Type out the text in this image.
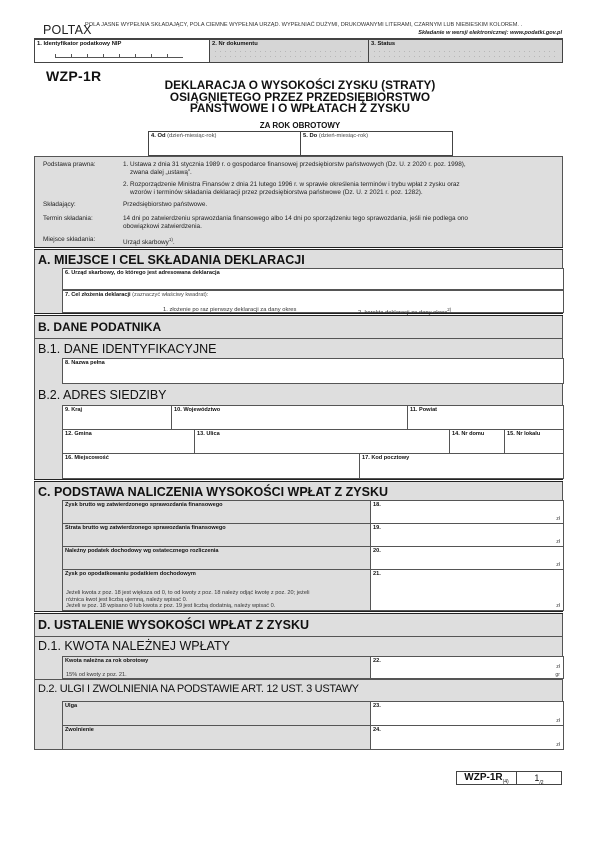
POLTAX
POLA JASNE WYPEŁNIA SKŁADAJĄCY, POLA CIEMNE WYPEŁNIA URZĄD. WYPEŁNIAĆ DUŻYMI, DRUKOWANYMI LITERAMI, CZARNYM LUB NIEBIESKIM KOLOREM. .
Składanie w wersji elektronicznej: www.podatki.gov.pl
1. Identyfikator podatkowy NIP	2. Nr dokumentu	3. Status
WZP-1R
DEKLARACJA O WYSOKOŚCI ZYSKU (STRATY)
OSIĄGNIĘTEGO PRZEZ PRZEDSIĘBIORSTWO
PAŃSTWOWE I O WPŁATACH Z ZYSKU
ZA ROK OBROTOWY
4. Od (dzień-miesiąc-rok)	5. Do (dzień-miesiąc-rok)
Podstawa prawna:	1. Ustawa z dnia 31 stycznia 1989 r. o gospodarce finansowej przedsiębiorstw państwowych (Dz. U. z 2020 r. poz. 1998),
zwana dalej „ustawą”.
2. Rozporządzenie Ministra Finansów z dnia 21 lutego 1996 r. w sprawie określenia terminów i trybu wpłat z zysku oraz
wzorów i terminów składania deklaracji przez przedsiębiorstwa państwowe (Dz. U. z 2021 r. poz. 1282).
Składający:	Przedsiębiorstwo państwowe.
Termin składania:	14 dni po zatwierdzeniu sprawozdania finansowego albo 14 dni po sporządzeniu tego sprawozdania, jeśli nie podlega ono
obowiązkowi zatwierdzenia.
Miejsce składania:	Urząd skarbowy$^{1)}$.
A. MIEJSCE I CEL SKŁADANIA DEKLARACJI
6. Urząd skarbowy, do którego jest adresowana deklaracja
7. Cel złożenia deklaracji (zaznaczyć właściwy kwadrat):
1. złożenie po raz pierwszy deklaracji za dany okres	2. korekta deklaracji za dany okres$^{2)}$
B. DANE PODATNIKA
B.1. DANE IDENTYFIKACYJNE
8. Nazwa pełna
B.2. ADRES SIEDZIBY
9. Kraj	10. Województwo	11. Powiat
12. Gmina	13. Ulica	14. Nr domu	15. Nr lokalu
16. Miejscowość	17. Kod pocztowy
C. PODSTAWA NALICZENIA WYSOKOŚCI WPŁAT Z ZYSKU
Zysk brutto wg zatwierdzonego sprawozdania finansowego	18.
zł
Strata brutto wg zatwierdzonego sprawozdania finansowego	19.
zł
Należny podatek dochodowy wg ostatecznego rozliczenia	20.
zł
Zysk po opodatkowaniu podatkiem dochodowym
Jeżeli kwota z poz. 18 jest większa od 0, to od kwoty z poz. 18 należy odjąć kwotę z poz. 20; jeżeli
różnica kwot jest liczbą ujemną, należy wpisać 0.
Jeżeli w poz. 18 wpisano 0 lub kwota z poz. 19 jest liczbą dodatnią, należy wpisać 0.
21.
zł
D. USTALENIE WYSOKOŚCI WPŁAT Z ZYSKU
D.1. KWOTA NALEŻNEJ WPŁATY
Kwota należna za rok obrotowy
15% od kwoty z poz. 21.
22.
zł
gr
D.2. ULGI I ZWOLNIENIA NA PODSTAWIE ART. 12 UST. 3 USTAWY
Ulga	23.
zł
Zwolnienie	24.
zł
WZP-$1R_{(4)}$	$1_{/2}$
